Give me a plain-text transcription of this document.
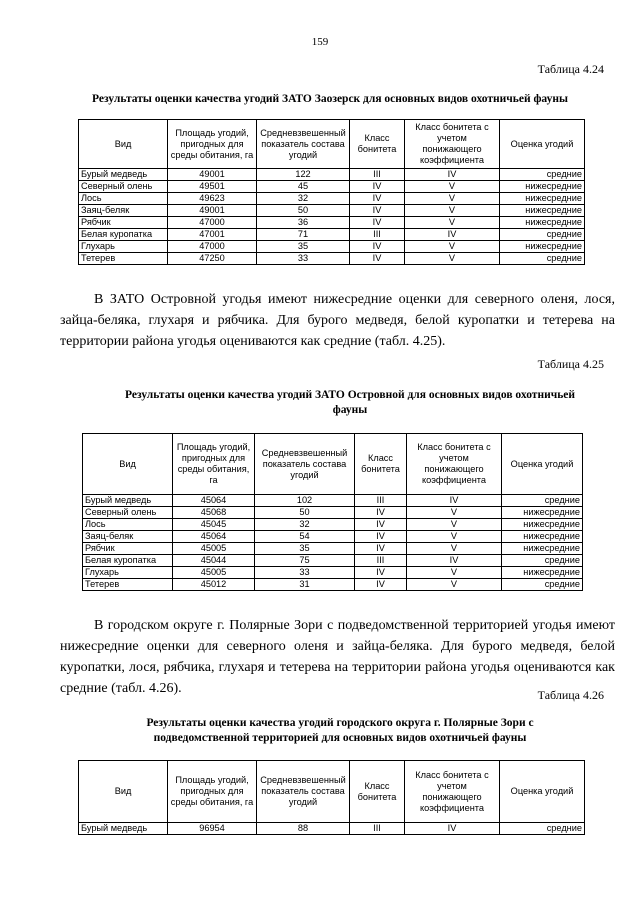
159
Таблица 4.24
Результаты оценки качества угодий ЗАТО Заозерск для основных видов охотничьей фауны
Вид	Площадь угодий, пригодных для среды обитания, га	Средневзвешенный показатель состава угодий	Класс бонитета	Класс бонитета с учетом понижающего коэффициента	Оценка угодий
Бурый медведь	49001	122	III	IV	средние
Северный олень	49501	45	IV	V	нижесредние
Лось	49623	32	IV	V	нижесредние
Заяц-беляк	49001	50	IV	V	нижесредние
Рябчик	47000	36	IV	V	нижесредние
Белая куропатка	47001	71	III	IV	средние
Глухарь	47000	35	IV	V	нижесредние
Тетерев	47250	33	IV	V	средние
В ЗАТО Островной угодья имеют нижесредние оценки для северного оленя, лося, зайца-беляка, глухаря и рябчика. Для бурого медведя, белой куропатки и тетерева на территории района угодья оцениваются как средние (табл. 4.25).
Таблица 4.25
Результаты оценки качества угодий ЗАТО Островной для основных видов охотничьей фауны
Вид	Площадь угодий, пригодных для среды обитания, га	Средневзвешенный показатель состава угодий	Класс бонитета	Класс бонитета с учетом понижающего коэффициента	Оценка угодий
Бурый медведь	45064	102	III	IV	средние
Северный олень	45068	50	IV	V	нижесредние
Лось	45045	32	IV	V	нижесредние
Заяц-беляк	45064	54	IV	V	нижесредние
Рябчик	45005	35	IV	V	нижесредние
Белая куропатка	45044	75	III	IV	средние
Глухарь	45005	33	IV	V	нижесредние
Тетерев	45012	31	IV	V	средние
В городском округе г. Полярные Зори с подведомственной территорией угодья имеют нижесредние оценки для северного оленя и зайца-беляка. Для бурого медведя, белой куропатки, лося, рябчика, глухаря и тетерева на территории района угодья оцениваются как средние (табл. 4.26).	Таблица 4.26
Результаты оценки качества угодий городского округа г. Полярные Зори с подведомственной территорией для основных видов охотничьей фауны
Вид	Площадь угодий, пригодных для среды обитания, га	Средневзвешенный показатель состава угодий	Класс бонитета	Класс бонитета с учетом понижающего коэффициента	Оценка угодий
Бурый медведь	96954	88	III	IV	средние
